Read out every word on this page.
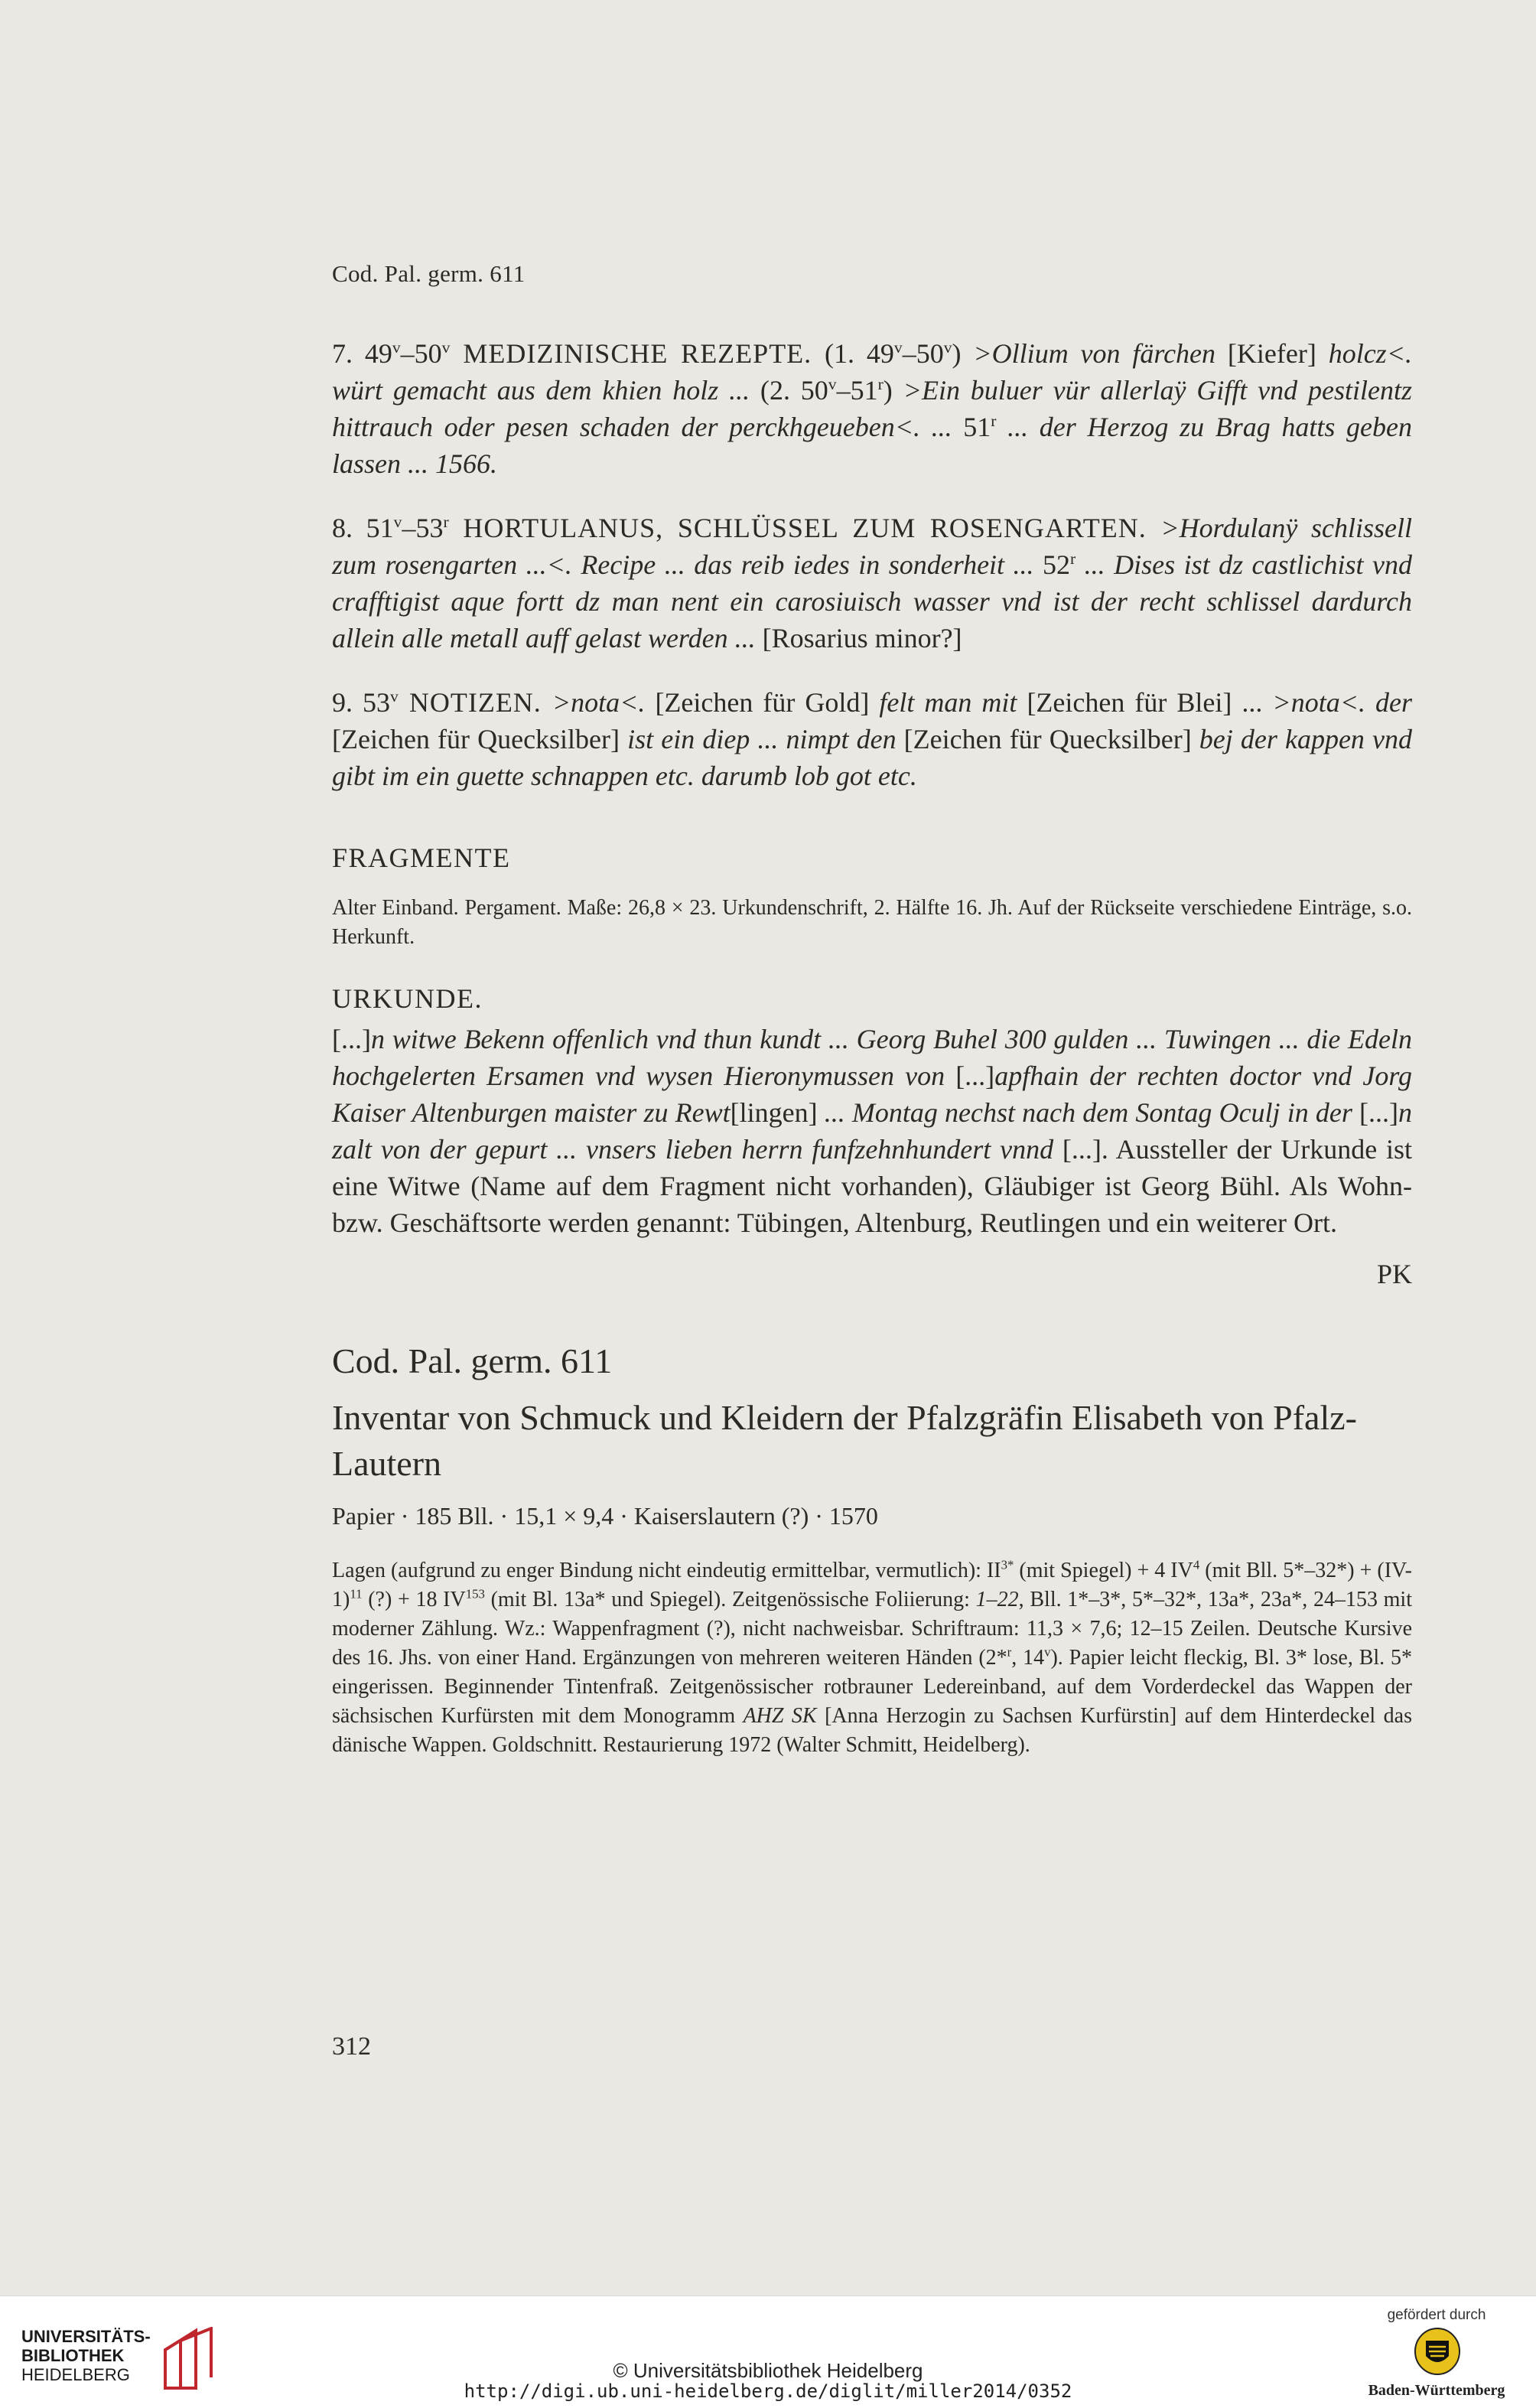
Cod. Pal. germ. 611
7. 49$^v$–50$^v$ MEDIZINISCHE REZEPTE. (1. $49^v-50^v$) >Ollium von färchen [Kiefer] holcz<. würt gemacht aus dem khien holz ... (2. $50^v-51^r) >Ein$ buluer vür allerlaÿ Gifft vnd pestilentz hittrauch oder pesen schaden der perckhgeueben<. ... 51$^r$ ... der Herzog zu Brag hatts geben lassen ... 1566.
8. 51$^v$–53$^r$ HORTULANUS, SCHLÜSSEL ZUM ROSENGARTEN. >Hordulanÿ schlissell zum rosengarten ...<. Recipe ... das reib iedes in sonderheit ... 52$^r$ ... Dises ist dz castlichist vnd crafftigist aque fortt dz man nent ein carosiuisch wasser vnd ist der recht schlissel dardurch allein alle metall auff gelast werden ... [Rosarius minor?]
9. 53$^v$ NOTIZEN. >nota<. [Zeichen für Gold] felt man mit [Zeichen für Blei] ... >nota<. der [Zeichen für Quecksilber] ist ein diep ... nimpt den [Zeichen für Quecksilber] bej der kappen vnd gibt im ein guette schnappen etc. darumb lob got etc.
FRAGMENTE
Alter Einband. Pergament. Maße: 26,8 × 23. Urkundenschrift, 2. Hälfte 16. Jh. Auf der Rückseite verschiedene Einträge, s.o. Herkunft.
URKUNDE.
[...]n witwe Bekenn offenlich vnd thun kundt ... Georg Buhel 300 gulden ... Tuwingen ... die Edeln hochgelerten Ersamen vnd wysen Hieronymussen von [...]apfhain der rechten doctor vnd Jorg Kaiser Altenburgen maister zu Rewt[lingen] ... Montag nechst nach dem Sontag Oculj in der [...]n zalt von der gepurt ... vnsers lieben herrn funfzehnhundert vnnd [...]. Aussteller der Urkunde ist eine Witwe (Name auf dem Fragment nicht vorhanden), Gläubiger ist Georg Bühl. Als Wohn- bzw. Geschäftsorte werden genannt: Tübingen, Altenburg, Reutlingen und ein weiterer Ort.
PK
Cod. Pal. germ. 611
Inventar von Schmuck und Kleidern der Pfalzgräfin Elisabeth von Pfalz-Lautern
Papier · 185 Bll. · 15,1 × 9,4 · Kaiserslautern (?) · 1570
Lagen (aufgrund zu enger Bindung nicht eindeutig ermittelbar, vermutlich): $II^{3*}$ (mit Spiegel) + 4 $IV^4$ (mit Bll. $5*-32*) + (IV-1)^{11}$ (?) + 18 IV$^{153}$ (mit Bl. 13a* und Spiegel). Zeitgenössische Foliierung: 1–22, Bll. 1*–3*, 5*–32*, 13a*, 23a*, 24–153 mit moderner Zählung. Wz.: Wappenfragment (?), nicht nachweisbar. Schriftraum: 11,3 × 7,6; 12–15 Zeilen. Deutsche Kursive des 16. Jhs. von einer Hand. Ergänzungen von mehreren weiteren Händen (2*$^r$, 14$^v$). Papier leicht fleckig, Bl. 3* lose, Bl. 5* eingerissen. Beginnender Tintenfraß. Zeitgenössischer rotbrauner Ledereinband, auf dem Vorderdeckel das Wappen der sächsischen Kurfürsten mit dem Monogramm AHZ SK [Anna Herzogin zu Sachsen Kurfürstin] auf dem Hinterdeckel das dänische Wappen. Goldschnitt. Restaurierung 1972 (Walter Schmitt, Heidelberg).
312
UNIVERSITÄTS-
BIBLIOTHEK
HEIDELBERG	© Universitätsbibliothek Heidelberg
http://digi.ub.uni-heidelberg.de/diglit/miller2014/0352
gefördert durch
Baden-Württemberg
